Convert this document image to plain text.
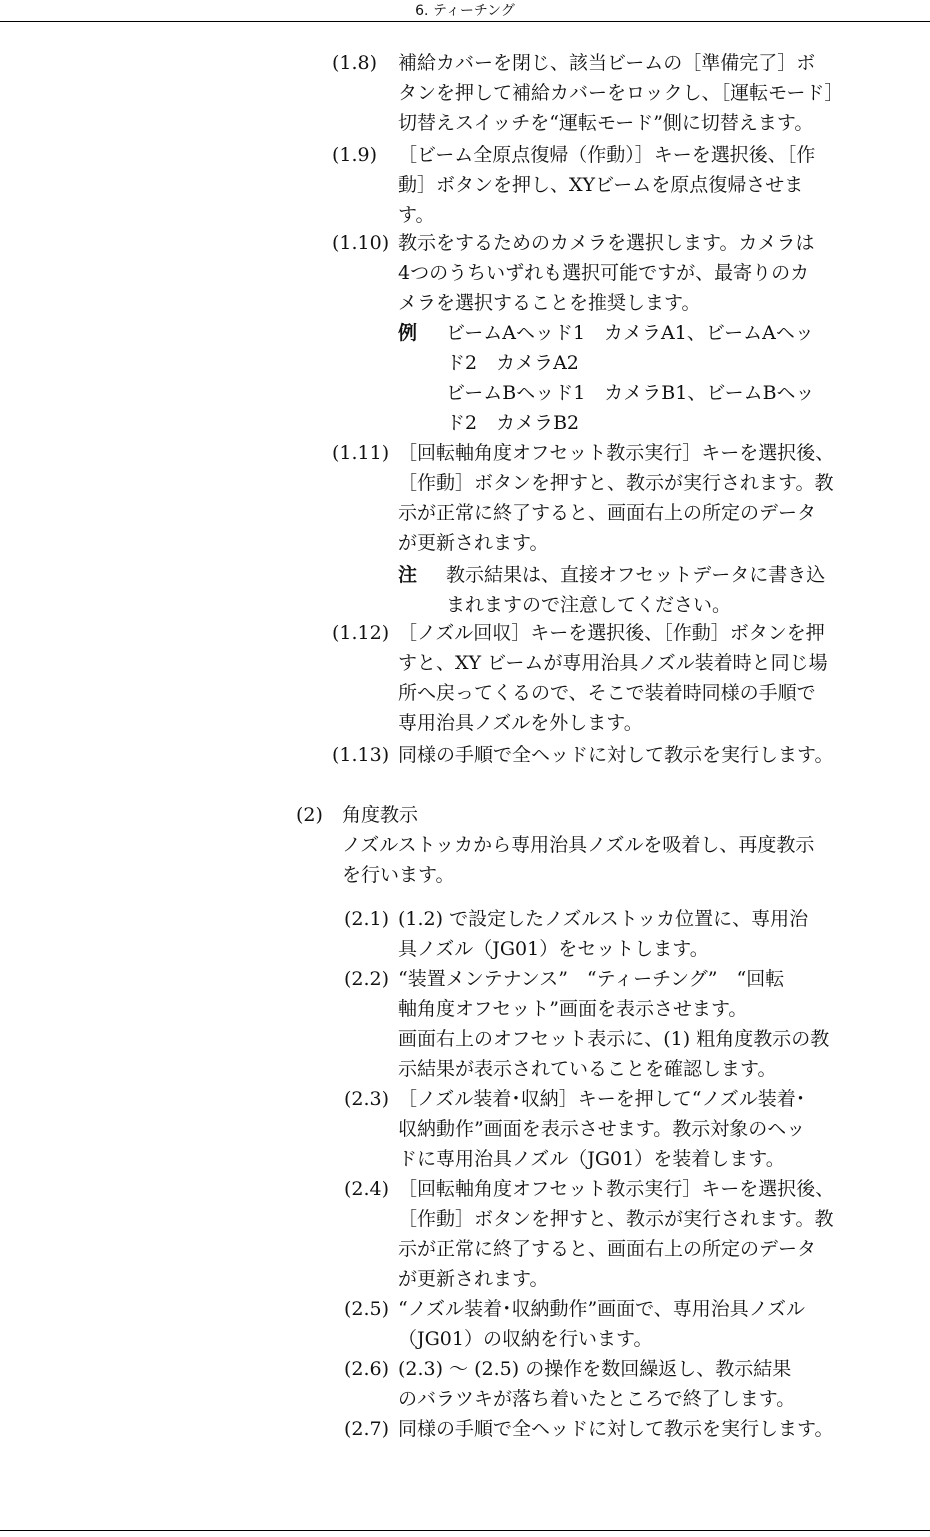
6. ティーチング
(1.8) 補給カバーを閉じ、該当ビームの［準備完了］ボ
タンを押して補給カバーをロックし、［運転モード］
切替えスイッチを“運転モード”側に切替えます。
(1.9) ［ビーム全原点復帰（作動）］キーを選択後、［作
動］ボタンを押し、XYビームを原点復帰させま
す。
(1.10) 教示をするためのカメラを選択します。カメラは
4つのうちいずれも選択可能ですが、最寄りのカ
メラを選択することを推奨します。
例 ビームAヘッド1　カメラA1、ビームAヘッ
ド2　カメラA2
ビームBヘッド1　カメラB1、ビームBヘッ
ド2　カメラB2
(1.11) ［回転軸角度オフセット教示実行］キーを選択後、
［作動］ボタンを押すと、教示が実行されます。教
示が正常に終了すると、画面右上の所定のデータ
が更新されます。
注 教示結果は、直接オフセットデータに書き込
まれますので注意してください。
(1.12) ［ノズル回収］キーを選択後、［作動］ボタンを押
すと、XY ビームが専用治具ノズル装着時と同じ場
所へ戻ってくるので、そこで装着時同様の手順で
専用治具ノズルを外します。
(1.13) 同様の手順で全ヘッドに対して教示を実行します。
(2) 角度教示
ノズルストッカから専用治具ノズルを吸着し、再度教示
を行います。
(2.1) (1.2) で設定したノズルストッカ位置に、専用治
具ノズル（JG01）をセットします。
(2.2) “装置メンテナンス”　“ティーチング”　“回転
軸角度オフセット”画面を表示させます。
画面右上のオフセット表示に、(1) 粗角度教示の教
示結果が表示されていることを確認します。
(2.3) ［ノズル装着･収納］キーを押して“ノズル装着･
収納動作”画面を表示させます。教示対象のヘッ
ドに専用治具ノズル（JG01）を装着します。
(2.4) ［回転軸角度オフセット教示実行］キーを選択後、
［作動］ボタンを押すと、教示が実行されます。教
示が正常に終了すると、画面右上の所定のデータ
が更新されます。
(2.5) “ノズル装着･収納動作”画面で、専用治具ノズル
（JG01）の収納を行います。
(2.6) (2.3) ～ (2.5) の操作を数回繰返し、教示結果
のバラツキが落ち着いたところで終了します。
(2.7) 同様の手順で全ヘッドに対して教示を実行します。
